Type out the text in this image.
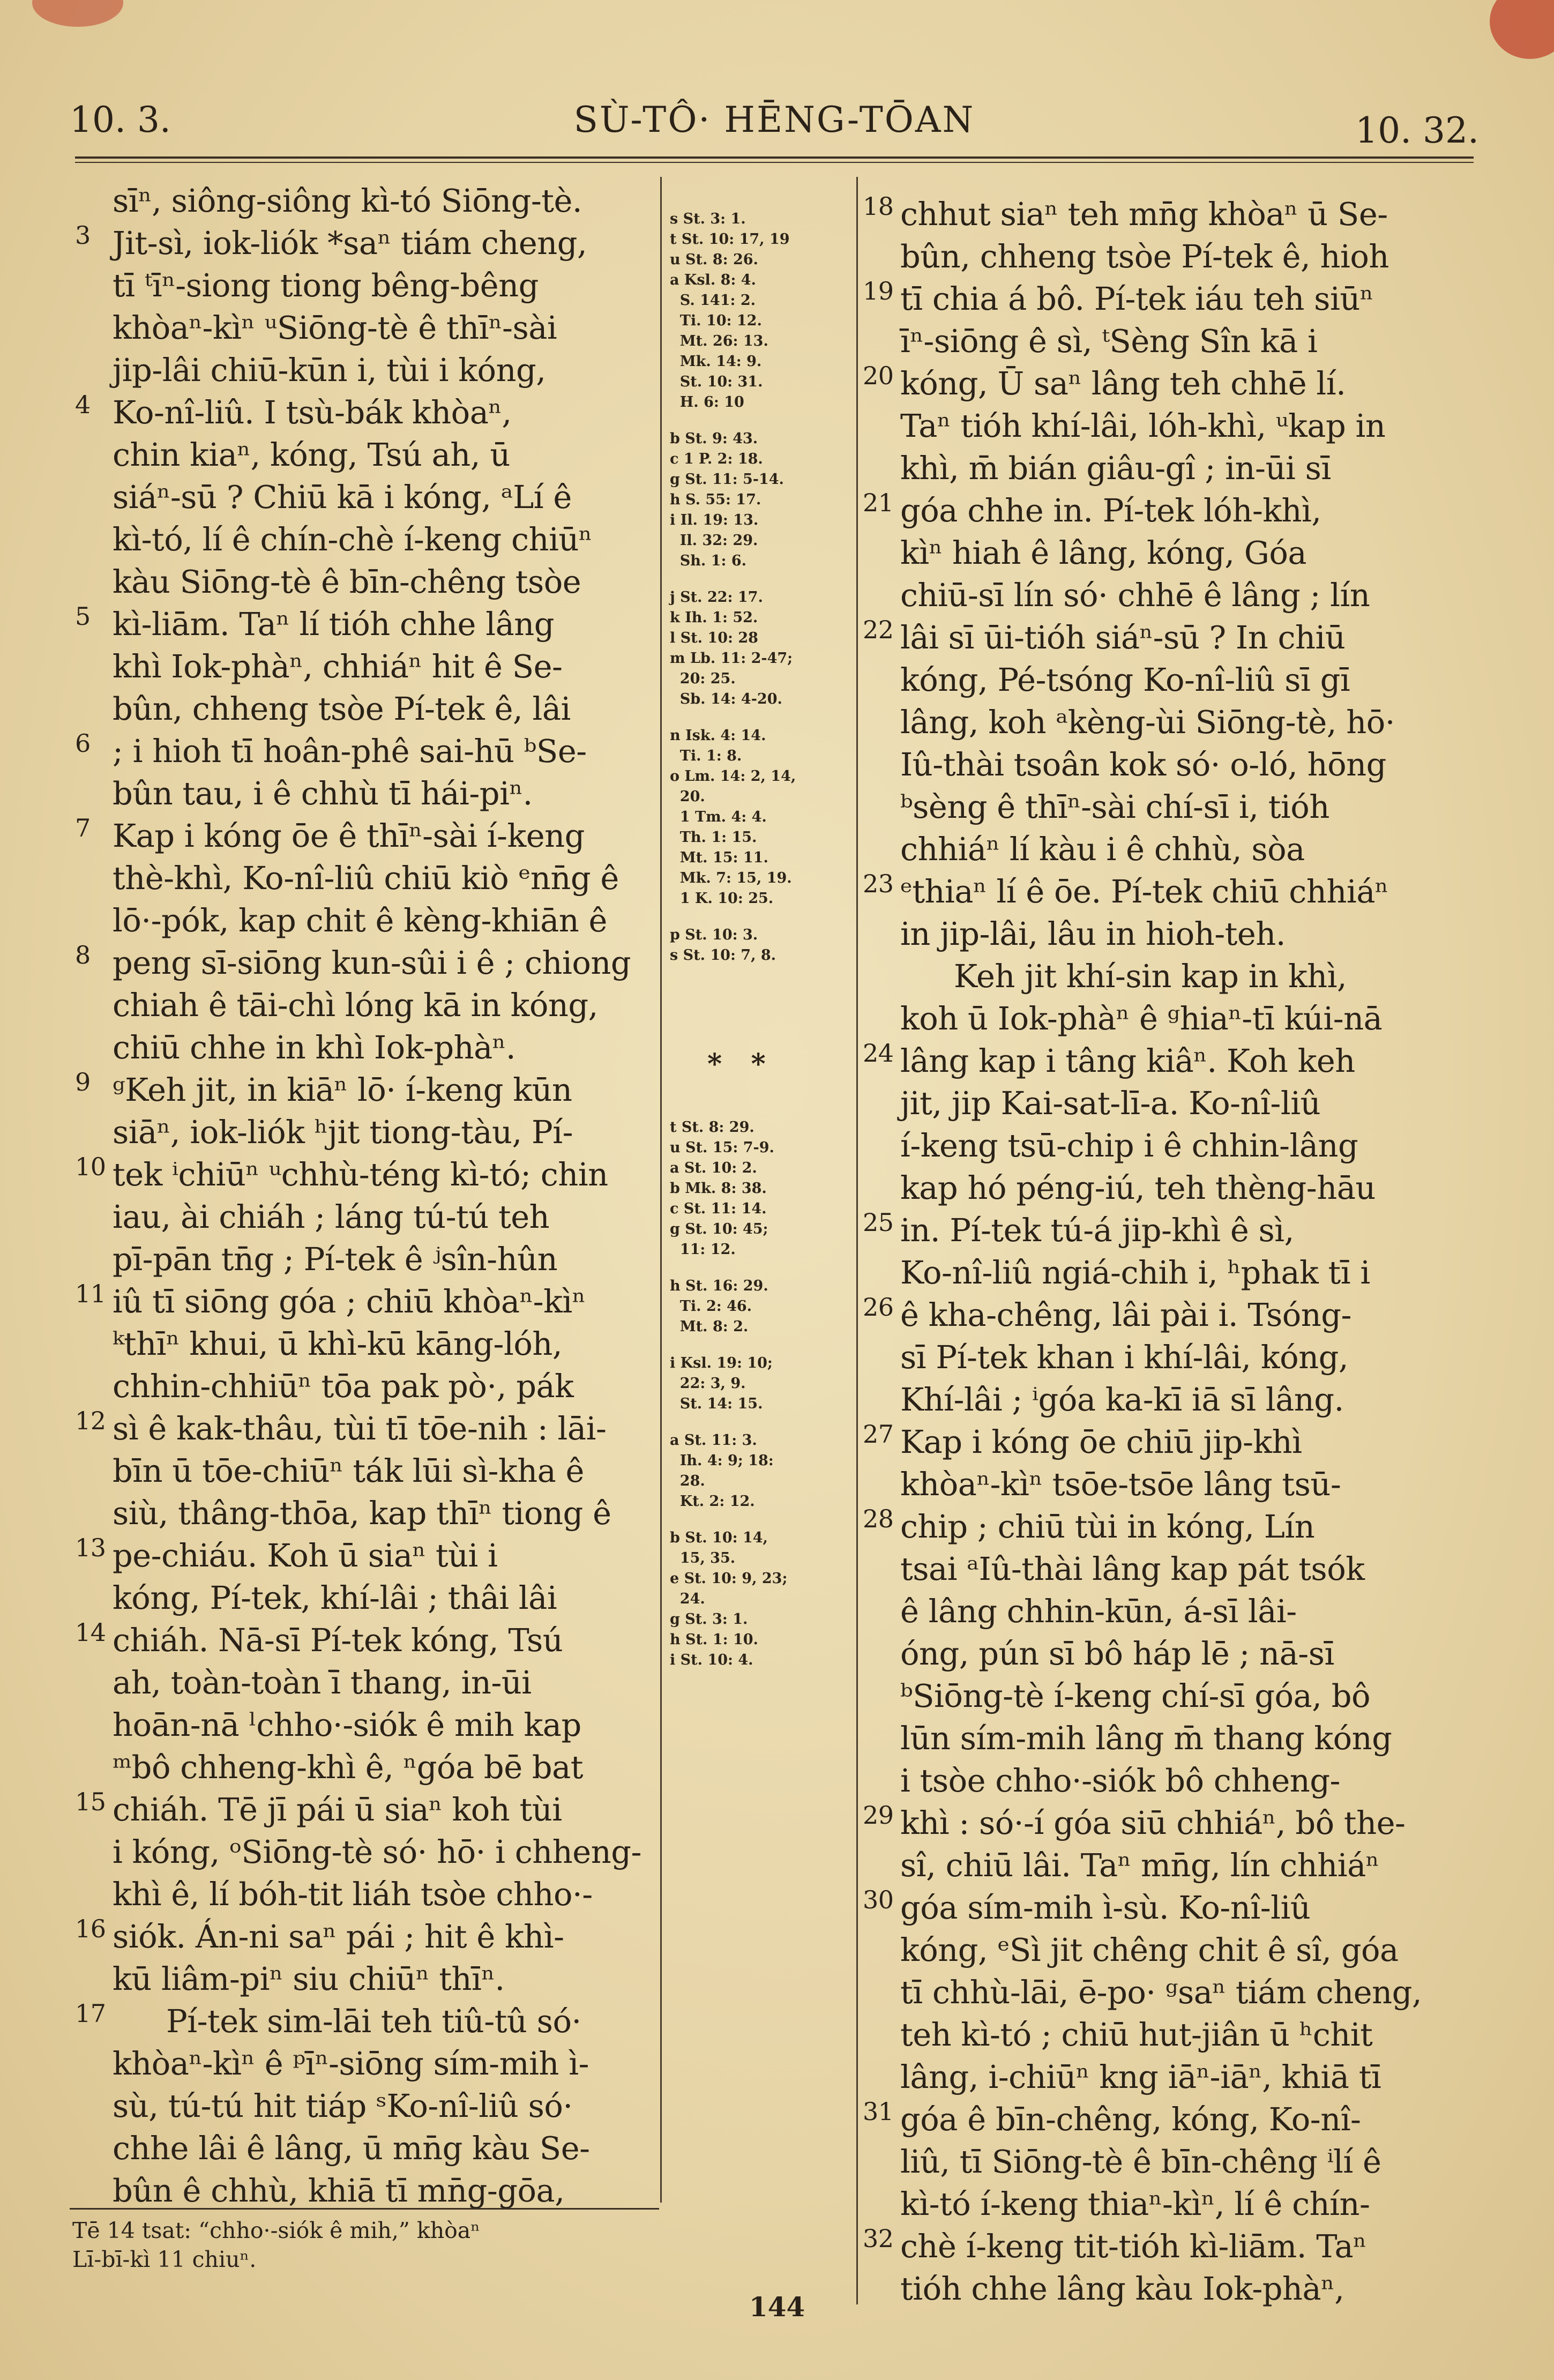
10. 3.	SÙ-TÔ· HĒNG-TŌAN	10. 32.

sīⁿ, siông-siông kì-tó Siōng-tè.

3 Jit-sì, iok-liók *saⁿ tiám cheng,

tī ᵗīⁿ-siong tiong bêng-bêng

khòaⁿ-kìⁿ ᵘSiōng-tè ê thīⁿ-sài

jip-lâi chiū-kūn i, tùi i kóng,

4 Ko-nî-liû. I tsù-bák khòaⁿ,

chin kiaⁿ, kóng, Tsú ah, ū

siáⁿ-sū ? Chiū kā i kóng, ᵃLí ê

kì-tó, lí ê chín-chè í-keng chiūⁿ

kàu Siōng-tè ê bīn-chêng tsòe

5 kì-liām. Taⁿ lí tióh chhe lâng

khì Iok-phàⁿ, chhiáⁿ hit ê Se-

bûn, chheng tsòe Pí-tek ê, lâi

6 ; i hioh tī hoân-phê sai-hū ᵇSe-

bûn tau, i ê chhù tī hái-piⁿ.

7 Kap i kóng ōe ê thīⁿ-sài í-keng

thè-khì, Ko-nî-liû chiū kiò ᵉnn̄g ê

lō·-pók, kap chit ê kèng-khiān ê

8 peng sī-siōng kun-sûi i ê ; chiong

chiah ê tāi-chì lóng kā in kóng,

chiū chhe in khì Iok-phàⁿ.

9 ᵍKeh jit, in kiāⁿ lō· í-keng kūn

siāⁿ, iok-liók ʰjit tiong-tàu, Pí-

10 tek ⁱchiūⁿ ᵘchhù-téng kì-tó; chin

iau, ài chiáh ; láng tú-tú teh

pī-pān tn̄g ; Pí-tek ê ʲsîn-hûn

11 iû tī siōng góa ; chiū khòaⁿ-kìⁿ

ᵏthīⁿ khui, ū khì-kū kāng-lóh,

chhin-chhiūⁿ tōa pak pò·, pák

12 sì ê kak-thâu, tùi tī tōe-nih : lāi-

bīn ū tōe-chiūⁿ ták lūi sì-kha ê

siù, thâng-thōa, kap thīⁿ tiong ê

13 pe-chiáu. Koh ū siaⁿ tùi i

kóng, Pí-tek, khí-lâi ; thâi lâi

14 chiáh. Nā-sī Pí-tek kóng, Tsú

ah, toàn-toàn ī̄ thang, in-ūi

hoān-nā ˡchho·-siók ê mih kap

ᵐbô chheng-khì ê, ⁿgóa bē bat

15 chiáh. Tē jī pái ū siaⁿ koh tùi

i kóng, ᵒSiōng-tè só· hō· i chheng-

khì ê, lí bóh-tit liáh tsòe chho·-

16 siók. Án-ni saⁿ pái ; hit ê khì-

kū liâm-piⁿ siu chiūⁿ thīⁿ.

17 Pí-tek sim-lāi teh tiû-tû só·

khòaⁿ-kìⁿ ê ᵖīⁿ-siōng sím-mih ì-

sù, tú-tú hit tiáp ˢKo-nî-liû só·

chhe lâi ê lâng, ū mn̄g kàu Se-

bûn ê chhù, khiā tī mn̄g-gōa,

s St. 3: 1.

t St. 10: 17, 19

u St. 8: 26.

a Ksl. 8: 4.

S. 141: 2.

Ti. 10: 12.

Mt. 26: 13.

Mk. 14: 9.

St. 10: 31.

H. 6: 10

b St. 9: 43.

c 1 P. 2: 18.

g St. 11: 5-14.

h S. 55: 17.

i Il. 19: 13.

Il. 32: 29.

Sh. 1: 6.

j St. 22: 17.

k Ih. 1: 52.

l St. 10: 28

m Lb. 11: 2-47;

20: 25.

Sb. 14: 4-20.

n Isk. 4: 14.

Ti. 1: 8.

o Lm. 14: 2, 14,

20.

1 Tm. 4: 4.

Th. 1: 15.

Mt. 15: 11.

Mk. 7: 15, 19.

1 K. 10: 25.

p St. 10: 3.

s St. 10: 7, 8.

*   *

t St. 8: 29.

u St. 15: 7-9.

a St. 10: 2.

b Mk. 8: 38.

c St. 11: 14.

g St. 10: 45;

11: 12.

h St. 16: 29.

Ti. 2: 46.

Mt. 8: 2.

i Ksl. 19: 10;

22: 3, 9.

St. 14: 15.

a St. 11: 3.

Ih. 4: 9; 18:

28.

Kt. 2: 12.

b St. 10: 14,

15, 35.

e St. 10: 9, 23;

24.

g St. 3: 1.

h St. 1: 10.

i St. 10: 4.

18 chhut siaⁿ teh mn̄g khòaⁿ ū Se-

bûn, chheng tsòe Pí-tek ê, hioh

19 tī chia á bô. Pí-tek iáu teh siūⁿ

īⁿ-siōng ê sì, ᵗSèng Sîn kā i

20 kóng, Ū saⁿ lâng teh chhē lí.

Taⁿ tióh khí-lâi, lóh-khì, ᵘkap in

khì, m̄ bián giâu-gî ; in-ūi sī

21 góa chhe in. Pí-tek lóh-khì,

kìⁿ hiah ê lâng, kóng, Góa

chiū-sī lín só· chhē ê lâng ; lín

22 lâi sī ūi-tióh siáⁿ-sū ? In chiū

kóng, Pé-tsóng Ko-nî-liû sī gī

lâng, koh ᵃkèng-ùi Siōng-tè, hō·

Iû-thài tsoân kok só· o-ló, hōng

ᵇsèng ê thīⁿ-sài chí-sī i, tióh

chhiáⁿ lí kàu i ê chhù, sòa

23 ᵉthiaⁿ lí ê ōe. Pí-tek chiū chhiáⁿ

in jip-lâi, lâu in hioh-teh.

Keh jit khí-sin kap in khì,

koh ū Iok-phàⁿ ê ᵍhiaⁿ-tī kúi-nā

24 lâng kap i tâng kiâⁿ. Koh keh

jit, jip Kai-sat-lī-a. Ko-nî-liû

í-keng tsū-chip i ê chhin-lâng

kap hó péng-iú, teh thèng-hāu

25 in. Pí-tek tú-á jip-khì ê sì,

Ko-nî-liû ngiá-chih i, ʰphak tī i

26 ê kha-chêng, lâi pài i. Tsóng-

sī Pí-tek khan i khí-lâi, kóng,

Khí-lâi ; ⁱgóa ka-kī iā sī lâng.

27 Kap i kóng ōe chiū jip-khì

khòaⁿ-kìⁿ tsōe-tsōe lâng tsū-

28 chip ; chiū tùi in kóng, Lín

tsai ᵃIû-thài lâng kap pát tsók

ê lâng chhin-kūn, á-sī lâi-

óng, pún sī bô háp lē ; nā-sī

ᵇSiōng-tè í-keng chí-sī góa, bô

lūn sím-mih lâng m̄ thang kóng

i tsòe chho·-siók bô chheng-

29 khì : só·-í góa siū chhiáⁿ, bô the-

sî, chiū lâi. Taⁿ mn̄g, lín chhiáⁿ

30 góa sím-mih ì-sù. Ko-nî-liû

kóng, ᵉSì jit chêng chit ê sî, góa

tī chhù-lāi, ē-po· ᵍsaⁿ tiám cheng,

teh kì-tó ; chiū hut-jiân ū ʰchit

lâng, i-chiūⁿ kng iāⁿ-iāⁿ, khiā tī

31 góa ê bīn-chêng, kóng, Ko-nî-

liû, tī Siōng-tè ê bīn-chêng ⁱlí ê

kì-tó í-keng thiaⁿ-kìⁿ, lí ê chín-

32 chè í-keng tit-tióh kì-liām. Taⁿ

tióh chhe lâng kàu Iok-phàⁿ,

Tē 14 tsat: “chho·-siók ê mih,” khòaⁿ

Lī-bī-kì 11 chiuⁿ.

144
